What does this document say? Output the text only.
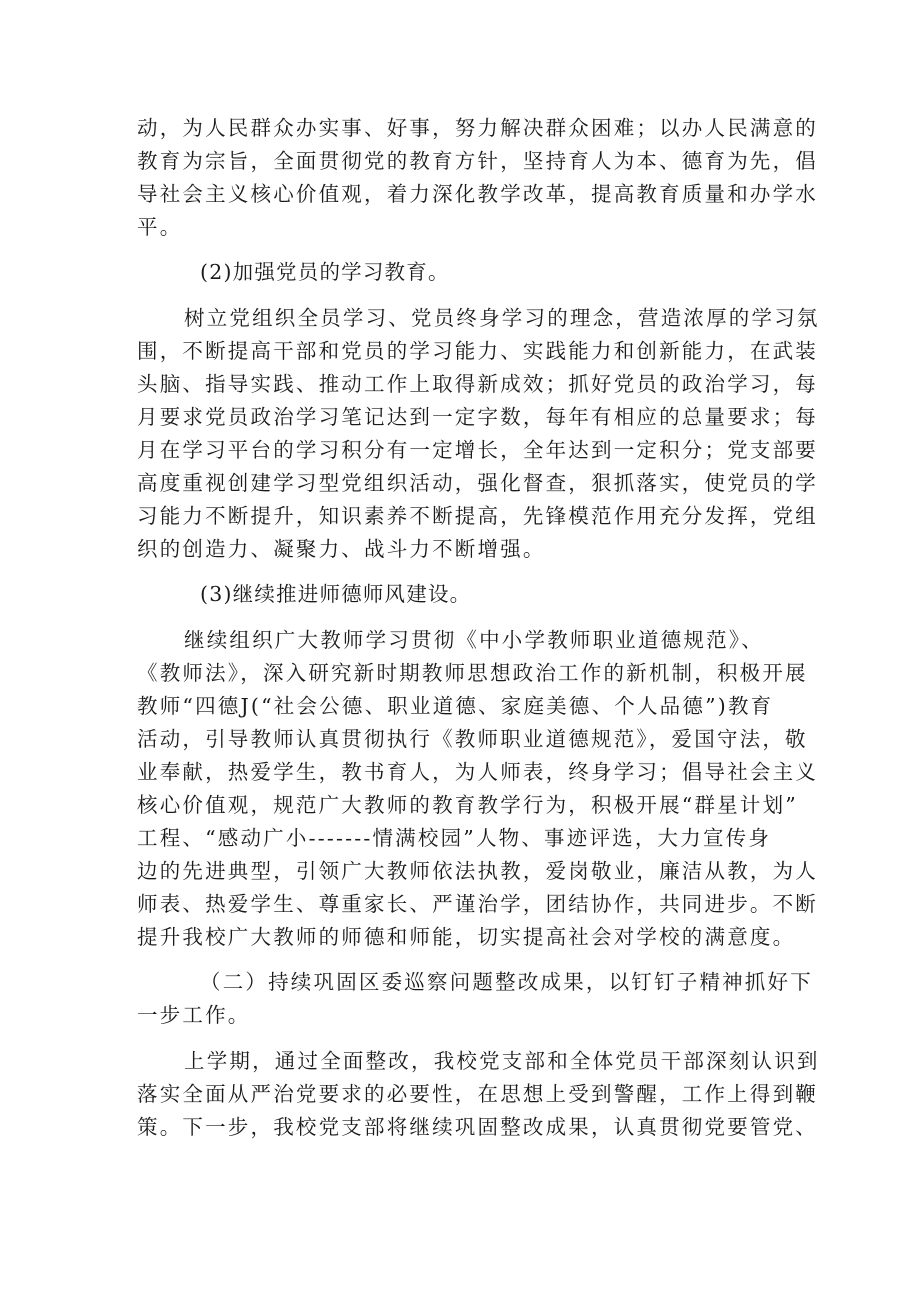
动，为人民群众办实事、好事，努力解决群众困难；以办人民满意的
教育为宗旨，全面贯彻党的教育方针，坚持育人为本、德育为先，倡
导社会主义核心价值观，着力深化教学改革，提高教育质量和办学水
平。
(2)加强党员的学习教育。
树立党组织全员学习、党员终身学习的理念，营造浓厚的学习氛
围，不断提高干部和党员的学习能力、实践能力和创新能力，在武装
头脑、指导实践、推动工作上取得新成效；抓好党员的政治学习，每
月要求党员政治学习笔记达到一定字数，每年有相应的总量要求；每
月在学习平台的学习积分有一定增长，全年达到一定积分；党支部要
高度重视创建学习型党组织活动，强化督查，狠抓落实，使党员的学
习能力不断提升，知识素养不断提高，先锋模范作用充分发挥，党组
织的创造力、凝聚力、战斗力不断增强。
(3)继续推进师德师风建设。
继续组织广大教师学习贯彻《中小学教师职业道德规范》、
《教师法》，深入研究新时期教师思想政治工作的新机制，积极开展
教师“四德J(“社会公德、职业道德、家庭美德、个人品德”)教育
活动，引导教师认真贯彻执行《教师职业道德规范》，爱国守法，敬
业奉献，热爱学生，教书育人，为人师表，终身学习；倡导社会主义
核心价值观，规范广大教师的教育教学行为，积极开展“群星计划”
工程、“感动广小-------情满校园”人物、事迹评选，大力宣传身
边的先进典型，引领广大教师依法执教，爱岗敬业，廉洁从教，为人
师表、热爱学生、尊重家长、严谨治学，团结协作，共同进步。不断
提升我校广大教师的师德和师能，切实提高社会对学校的满意度。
（二）持续巩固区委巡察问题整改成果，以钉钉子精神抓好下
一步工作。
上学期，通过全面整改，我校党支部和全体党员干部深刻认识到
落实全面从严治党要求的必要性，在思想上受到警醒，工作上得到鞭
策。下一步，我校党支部将继续巩固整改成果，认真贯彻党要管党、
